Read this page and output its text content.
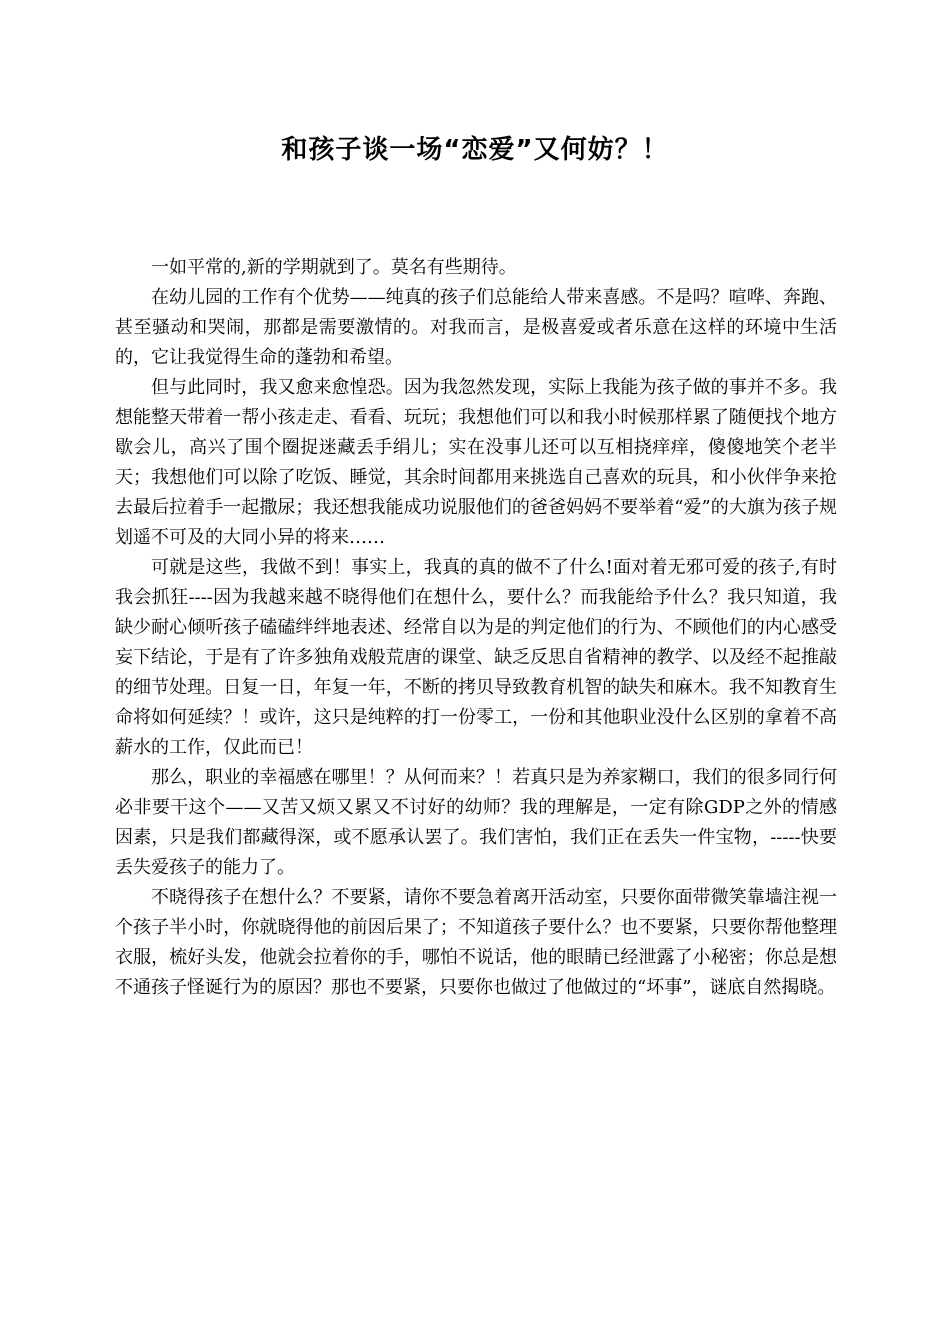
和孩子谈一场“恋爱”又何妨？！

一如平常的,新的学期就到了。莫名有些期待。

在幼儿园的工作有个优势——纯真的孩子们总能给人带来喜感。不是吗？喧哗、奔跑、甚至骚动和哭闹，那都是需要激情的。对我而言，是极喜爱或者乐意在这样的环境中生活的，它让我觉得生命的蓬勃和希望。

但与此同时，我又愈来愈惶恐。因为我忽然发现，实际上我能为孩子做的事并不多。我想能整天带着一帮小孩走走、看看、玩玩；我想他们可以和我小时候那样累了随便找个地方歇会儿，高兴了围个圈捉迷藏丢手绢儿；实在没事儿还可以互相挠痒痒，傻傻地笑个老半天；我想他们可以除了吃饭、睡觉，其余时间都用来挑选自己喜欢的玩具，和小伙伴争来抢去最后拉着手一起撒尿；我还想我能成功说服他们的爸爸妈妈不要举着“爱”的大旗为孩子规划遥不可及的大同小异的将来……

可就是这些，我做不到！事实上，我真的真的做不了什么!面对着无邪可爱的孩子,有时我会抓狂----因为我越来越不晓得他们在想什么，要什么？而我能给予什么？我只知道，我缺少耐心倾听孩子磕磕绊绊地表述、经常自以为是的判定他们的行为、不顾他们的内心感受妄下结论，于是有了许多独角戏般荒唐的课堂、缺乏反思自省精神的教学、以及经不起推敲的细节处理。日复一日，年复一年，不断的拷贝导致教育机智的缺失和麻木。我不知教育生命将如何延续？！或许，这只是纯粹的打一份零工，一份和其他职业没什么区别的拿着不高薪水的工作，仅此而已！

那么，职业的幸福感在哪里！？从何而来？！若真只是为养家糊口，我们的很多同行何必非要干这个——又苦又烦又累又不讨好的幼师？我的理解是，一定有除GDP之外的情感因素，只是我们都藏得深，或不愿承认罢了。我们害怕，我们正在丢失一件宝物，-----快要丢失爱孩子的能力了。

不晓得孩子在想什么？不要紧，请你不要急着离开活动室，只要你面带微笑靠墙注视一个孩子半小时，你就晓得他的前因后果了；不知道孩子要什么？也不要紧，只要你帮他整理衣服，梳好头发，他就会拉着你的手，哪怕不说话，他的眼睛已经泄露了小秘密；你总是想不通孩子怪诞行为的原因？那也不要紧，只要你也做过了他做过的“坏事”，谜底自然揭晓。
